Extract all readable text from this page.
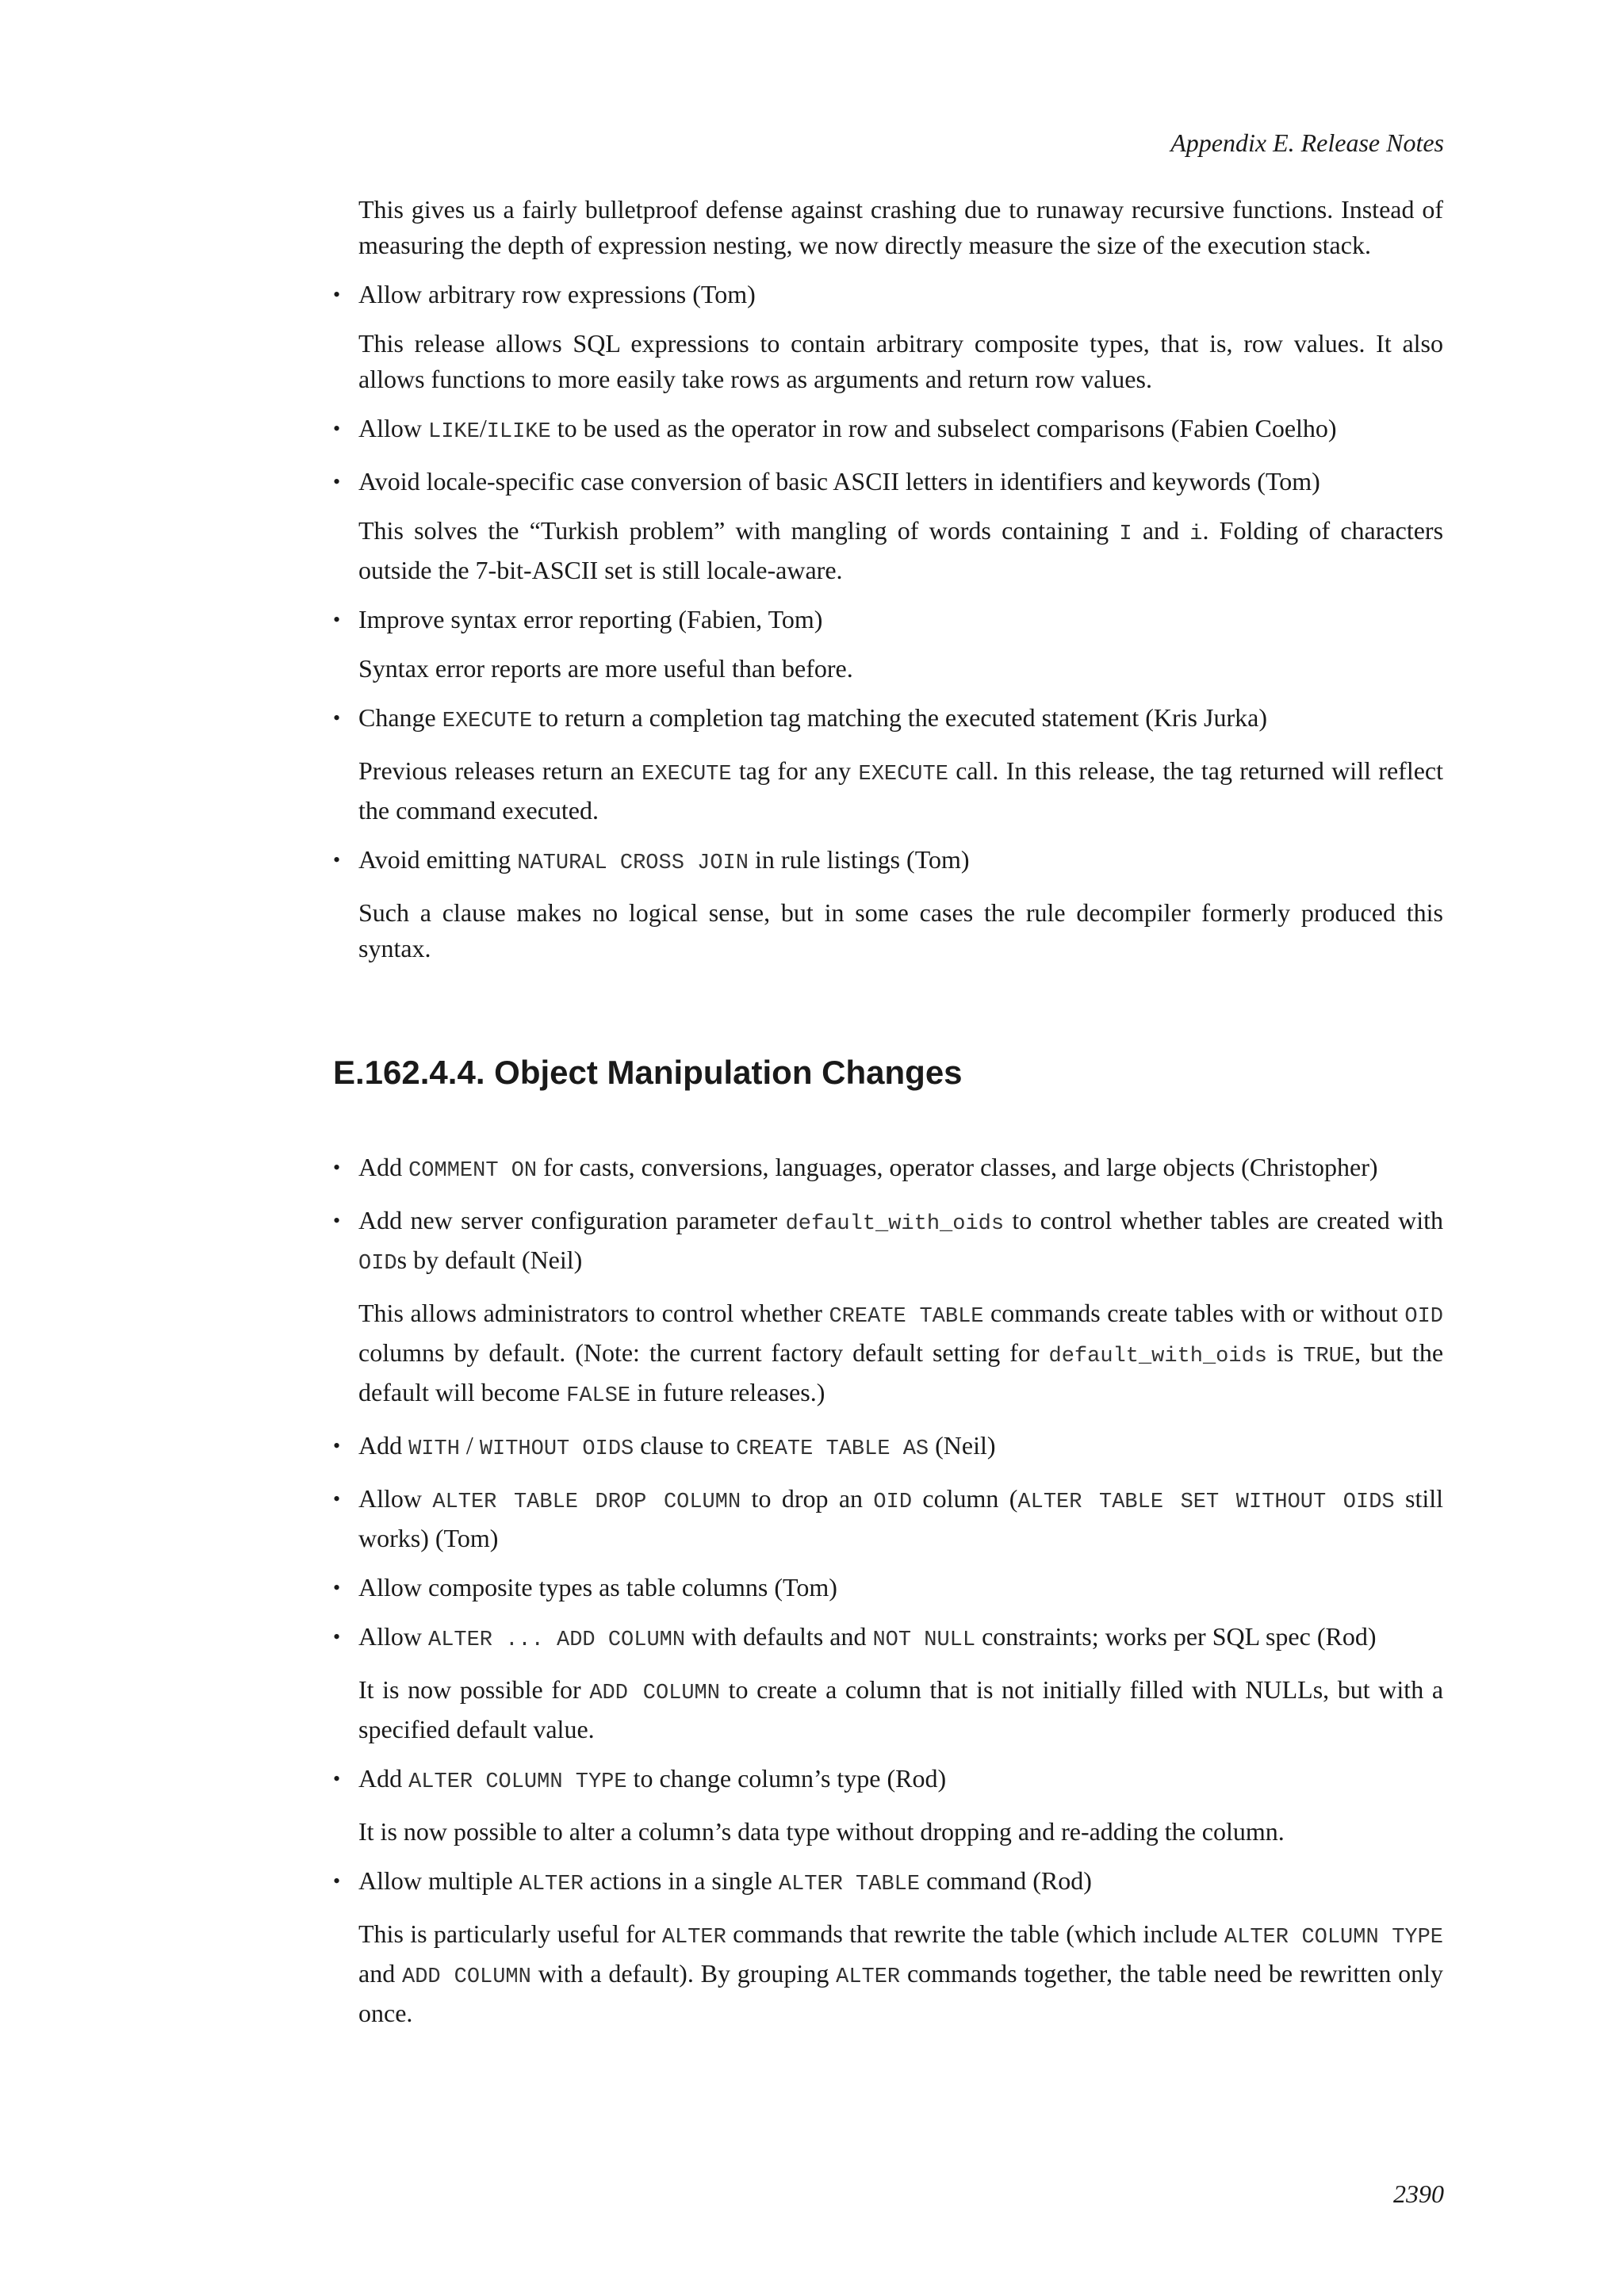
Appendix E. Release Notes

This gives us a fairly bulletproof defense against crashing due to runaway recursive functions. Instead of measuring the depth of expression nesting, we now directly measure the size of the execution stack.

• Allow arbitrary row expressions (Tom)

This release allows SQL expressions to contain arbitrary composite types, that is, row values. It also allows functions to more easily take rows as arguments and return row values.

• Allow LIKE/ILIKE to be used as the operator in row and subselect comparisons (Fabien Coelho)
• Avoid locale-specific case conversion of basic ASCII letters in identifiers and keywords (Tom)

This solves the “Turkish problem” with mangling of words containing I and i. Folding of characters outside the 7-bit-ASCII set is still locale-aware.

• Improve syntax error reporting (Fabien, Tom)

Syntax error reports are more useful than before.

• Change EXECUTE to return a completion tag matching the executed statement (Kris Jurka)

Previous releases return an EXECUTE tag for any EXECUTE call. In this release, the tag returned will reflect the command executed.

• Avoid emitting NATURAL CROSS JOIN in rule listings (Tom)

Such a clause makes no logical sense, but in some cases the rule decompiler formerly produced this syntax.

E.162.4.4. Object Manipulation Changes
• Add COMMENT ON for casts, conversions, languages, operator classes, and large objects (Christopher)
• Add new server configuration parameter default_with_oids to control whether tables are created with OIDs by default (Neil)

This allows administrators to control whether CREATE TABLE commands create tables with or without OID columns by default. (Note: the current factory default setting for default_with_oids is TRUE, but the default will become FALSE in future releases.)

• Add WITH / WITHOUT OIDS clause to CREATE TABLE AS (Neil)
• Allow ALTER TABLE DROP COLUMN to drop an OID column (ALTER TABLE SET WITHOUT OIDS still works) (Tom)
• Allow composite types as table columns (Tom)
• Allow ALTER ... ADD COLUMN with defaults and NOT NULL constraints; works per SQL spec (Rod)

It is now possible for ADD COLUMN to create a column that is not initially filled with NULLs, but with a specified default value.

• Add ALTER COLUMN TYPE to change column’s type (Rod)

It is now possible to alter a column’s data type without dropping and re-adding the column.

• Allow multiple ALTER actions in a single ALTER TABLE command (Rod)

This is particularly useful for ALTER commands that rewrite the table (which include ALTER COLUMN TYPE and ADD COLUMN with a default). By grouping ALTER commands together, the table need be rewritten only once.

2390
